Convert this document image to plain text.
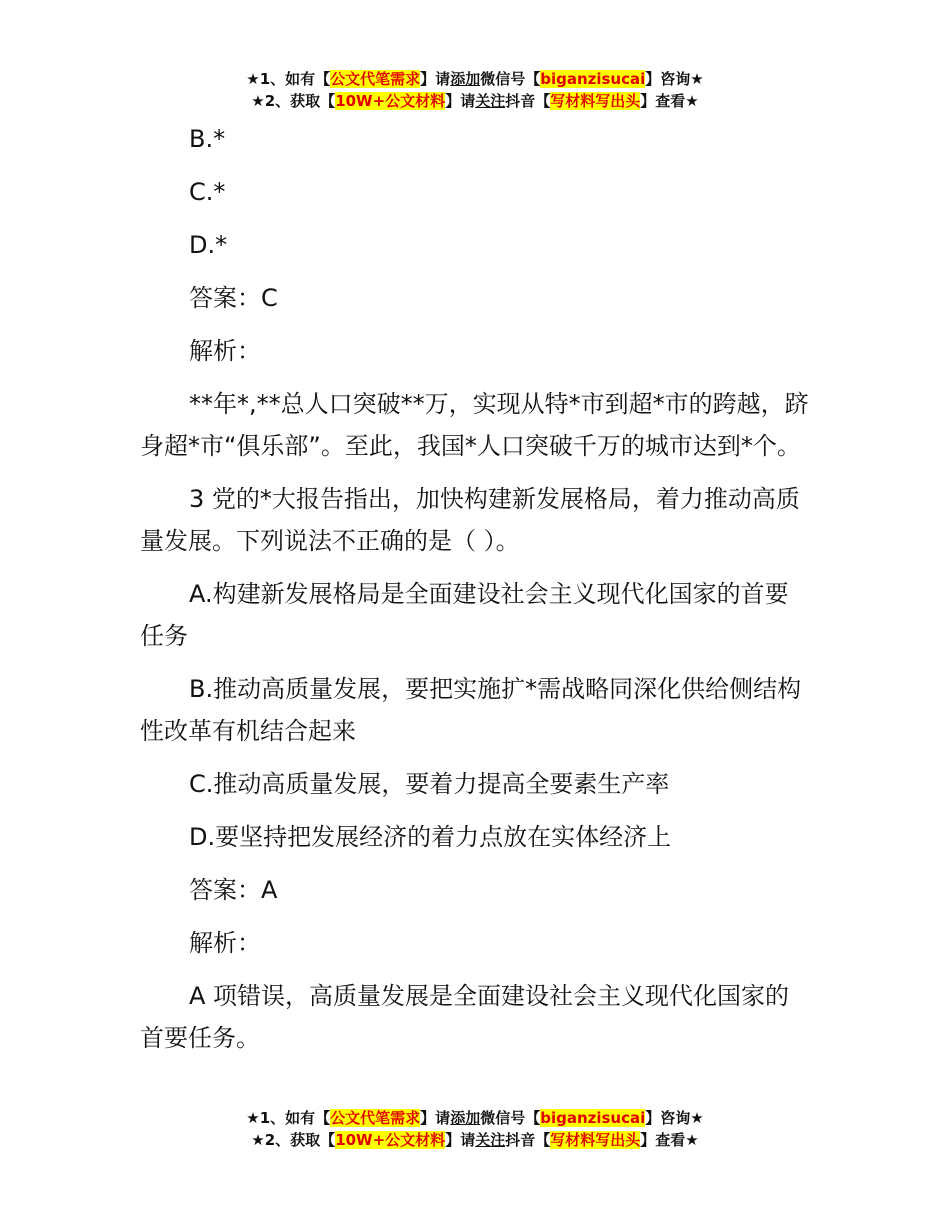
★1、如有【公文代笔需求】请添加微信号【biganzisucai】咨询★
★2、获取【10W+公文材料】请关注抖音【写材料写出头】查看★

B.*

C.*

D.*

答案：C

解析：

**年*,**总人口突破**万，实现从特*市到超*市的跨越，跻身超*市“俱乐部”。至此，我国*人口突破千万的城市达到*个。

3 党的*大报告指出，加快构建新发展格局，着力推动高质量发展。下列说法不正确的是（ ）。

A.构建新发展格局是全面建设社会主义现代化国家的首要任务

B.推动高质量发展，要把实施扩*需战略同深化供给侧结构性改革有机结合起来

C.推动高质量发展，要着力提高全要素生产率

D.要坚持把发展经济的着力点放在实体经济上

答案：A

解析：

A 项错误，高质量发展是全面建设社会主义现代化国家的首要任务。

★1、如有【公文代笔需求】请添加微信号【biganzisucai】咨询★
★2、获取【10W+公文材料】请关注抖音【写材料写出头】查看★
